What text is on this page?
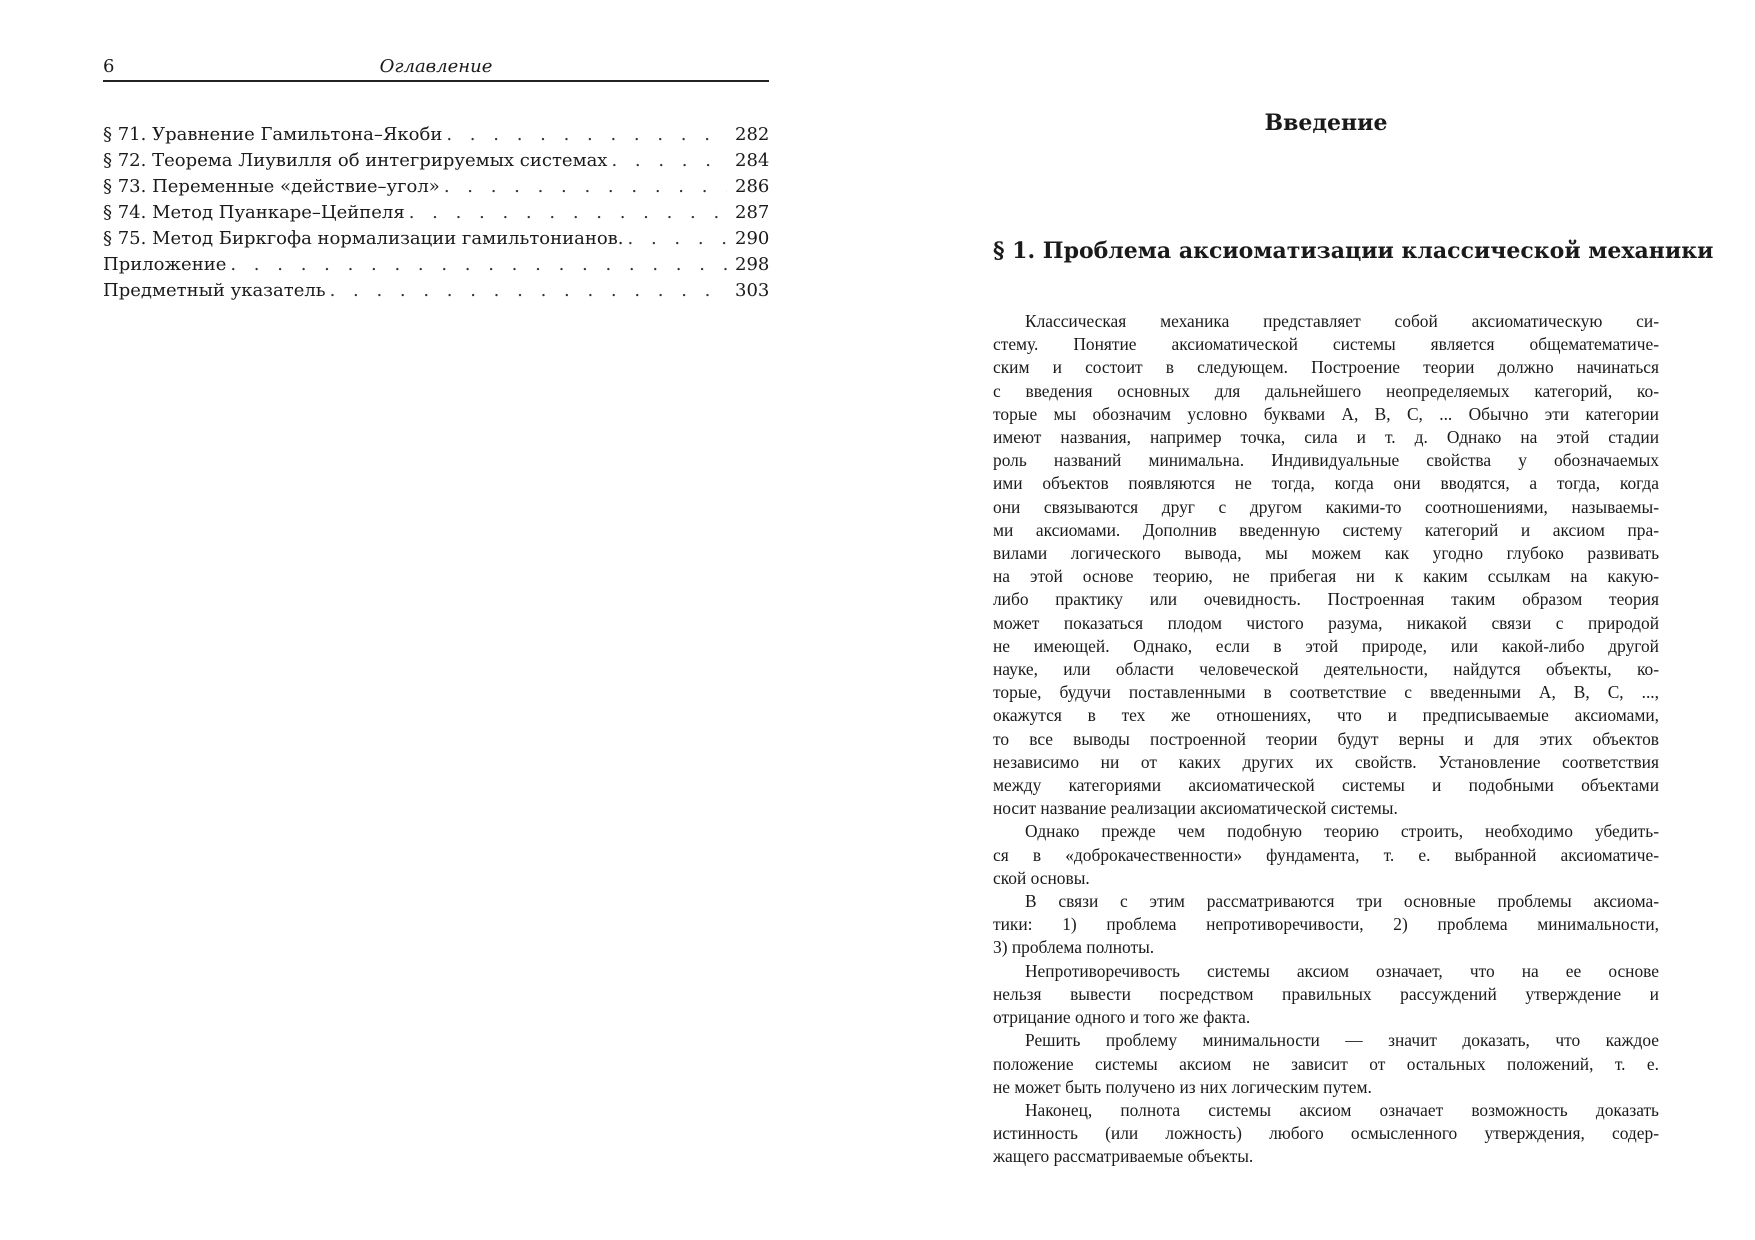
6	Оглавление
§ 71. Уравнение Гамильтона–Якоби . . .	282
§ 72. Теорема Лиувилля об интегрируемых системах . . .	284
§ 73. Переменные «действие–угол» . . .	286
§ 74. Метод Пуанкаре–Цейпеля . . .	287
§ 75. Метод Биркгофа нормализации гамильтонианов. . . .	290
Приложение . . .	298
Предметный указатель . . .	303
Введение
§ 1. Проблема аксиоматизации классической механики
Классическая механика представляет собой аксиоматическую си-
стему. Понятие аксиоматической системы является общематематиче-
ским и состоит в следующем. Построение теории должно начинаться
с введения основных для дальнейшего неопределяемых категорий, ко-
торые мы обозначим условно буквами A, B, C, ... Обычно эти категории
имеют названия, например точка, сила и т. д. Однако на этой стадии
роль названий минимальна. Индивидуальные свойства у обозначаемых
ими объектов появляются не тогда, когда они вводятся, а тогда, когда
они связываются друг с другом какими-то соотношениями, называемы-
ми аксиомами. Дополнив введенную систему категорий и аксиом пра-
вилами логического вывода, мы можем как угодно глубоко развивать
на этой основе теорию, не прибегая ни к каким ссылкам на какую-
либо практику или очевидность. Построенная таким образом теория
может показаться плодом чистого разума, никакой связи с природой
не имеющей. Однако, если в этой природе, или какой-либо другой
науке, или области человеческой деятельности, найдутся объекты, ко-
торые, будучи поставленными в соответствие с введенными A, B, C, ...,
окажутся в тех же отношениях, что и предписываемые аксиомами,
то все выводы построенной теории будут верны и для этих объектов
независимо ни от каких других их свойств. Установление соответствия
между категориями аксиоматической системы и подобными объектами
носит название реализации аксиоматической системы.
Однако прежде чем подобную теорию строить, необходимо убедить-
ся в «доброкачественности» фундамента, т. е. выбранной аксиоматиче-
ской основы.
В связи с этим рассматриваются три основные проблемы аксиома-
тики: 1) проблема непротиворечивости, 2) проблема минимальности,
3) проблема полноты.
Непротиворечивость системы аксиом означает, что на ее основе
нельзя вывести посредством правильных рассуждений утверждение и
отрицание одного и того же факта.
Решить проблему минимальности — значит доказать, что каждое
положение системы аксиом не зависит от остальных положений, т. е.
не может быть получено из них логическим путем.
Наконец, полнота системы аксиом означает возможность доказать
истинность (или ложность) любого осмысленного утверждения, содер-
жащего рассматриваемые объекты.
